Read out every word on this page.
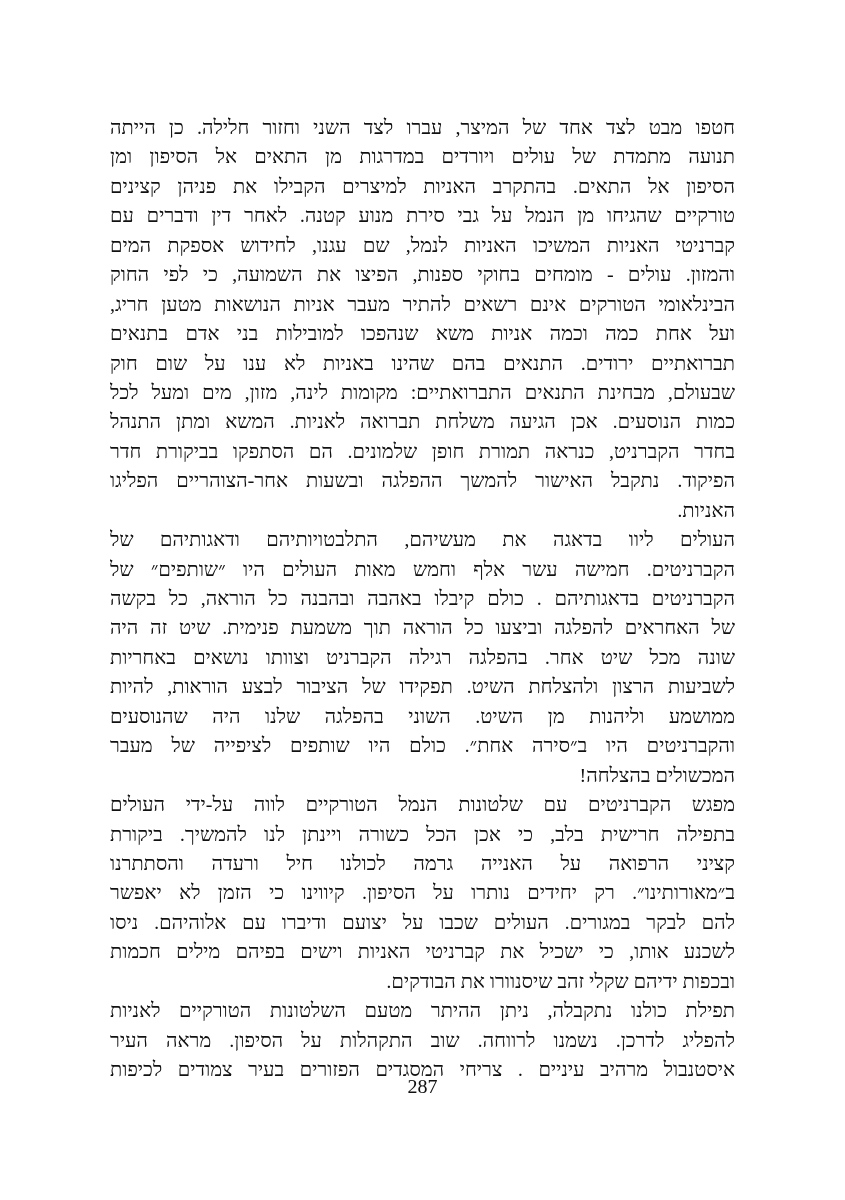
חטפו מבט לצד אחד של המיצר, עברו לצד השני וחזור חלילה. כן הייתה
תנועה מתמדת של עולים ויורדים במדרגות מן התאים אל הסיפון ומן
הסיפון אל התאים. בהתקרב האניות למיצרים הקבילו את פניהן קצינים
טורקיים שהגיחו מן הנמל על גבי סירת מנוע קטנה. לאחר דין ודברים עם
קברניטי האניות המשיכו האניות לנמל, שם עגנו, לחידוש אספקת המים
והמזון. עולים - מומחים בחוקי ספנות, הפיצו את השמועה, כי לפי החוק
הבינלאומי הטורקים אינם רשאים להתיר מעבר אניות הנושאות מטען חריג,
ועל אחת כמה וכמה אניות משא שנהפכו למובילות בני אדם בתנאים
תברואתיים ירודים. התנאים בהם שהינו באניות לא ענו על שום חוק
שבעולם, מבחינת התנאים התברואתיים: מקומות לינה, מזון, מים ומעל לכל
כמות הנוסעים. אכן הגיעה משלחת תברואה לאניות. המשא ומתן התנהל
בחדר הקברניט, כנראה תמורת חופן שלמונים. הם הסתפקו בביקורת חדר
הפיקוד. נתקבל האישור להמשך ההפלגה ובשעות אחר-הצוהריים הפליגו
האניות.
העולים ליוו בדאגה את מעשיהם, התלבטויותיהם ודאגותיהם של
הקברניטים. חמישה עשר אלף וחמש מאות העולים היו ״שותפים״ של
הקברניטים בדאגותיהם . כולם קיבלו באהבה ובהבנה כל הוראה, כל בקשה
של האחראים להפלגה וביצעו כל הוראה תוך משמעת פנימית. שיט זה היה
שונה מכל שיט אחר. בהפלגה רגילה הקברניט וצוותו נושאים באחריות
לשביעות הרצון ולהצלחת השיט. תפקידו של הציבור לבצע הוראות, להיות
ממושמע וליהנות מן השיט. השוני בהפלגה שלנו היה שהנוסעים
והקברניטים היו ב״סירה אחת״. כולם היו שותפים לציפייה של מעבר
המכשולים בהצלחה!
מפגש הקברניטים עם שלטונות הנמל הטורקיים לווה על-ידי העולים
בתפילה חרישית בלב, כי אכן הכל כשורה ויינתן לנו להמשיך. ביקורת
קציני הרפואה על האנייה גרמה לכולנו חיל ורעדה והסתתרנו
ב״מאורותינו״. רק יחידים נותרו על הסיפון. קיווינו כי הזמן לא יאפשר
להם לבקר במגורים. העולים שכבו על יצועם ודיברו עם אלוהיהם. ניסו
לשכנע אותו, כי ישכיל את קברניטי האניות וישים בפיהם מילים חכמות
ובכפות ידיהם שקלי זהב שיסנוורו את הבודקים.
תפילת כולנו נתקבלה, ניתן ההיתר מטעם השלטונות הטורקיים לאניות
להפליג לדרכן. נשמנו לרווחה. שוב התקהלות על הסיפון. מראה העיר
איסטנבול מרהיב עיניים . צריחי המסגדים הפזורים בעיר צמודים לכיפות
287
